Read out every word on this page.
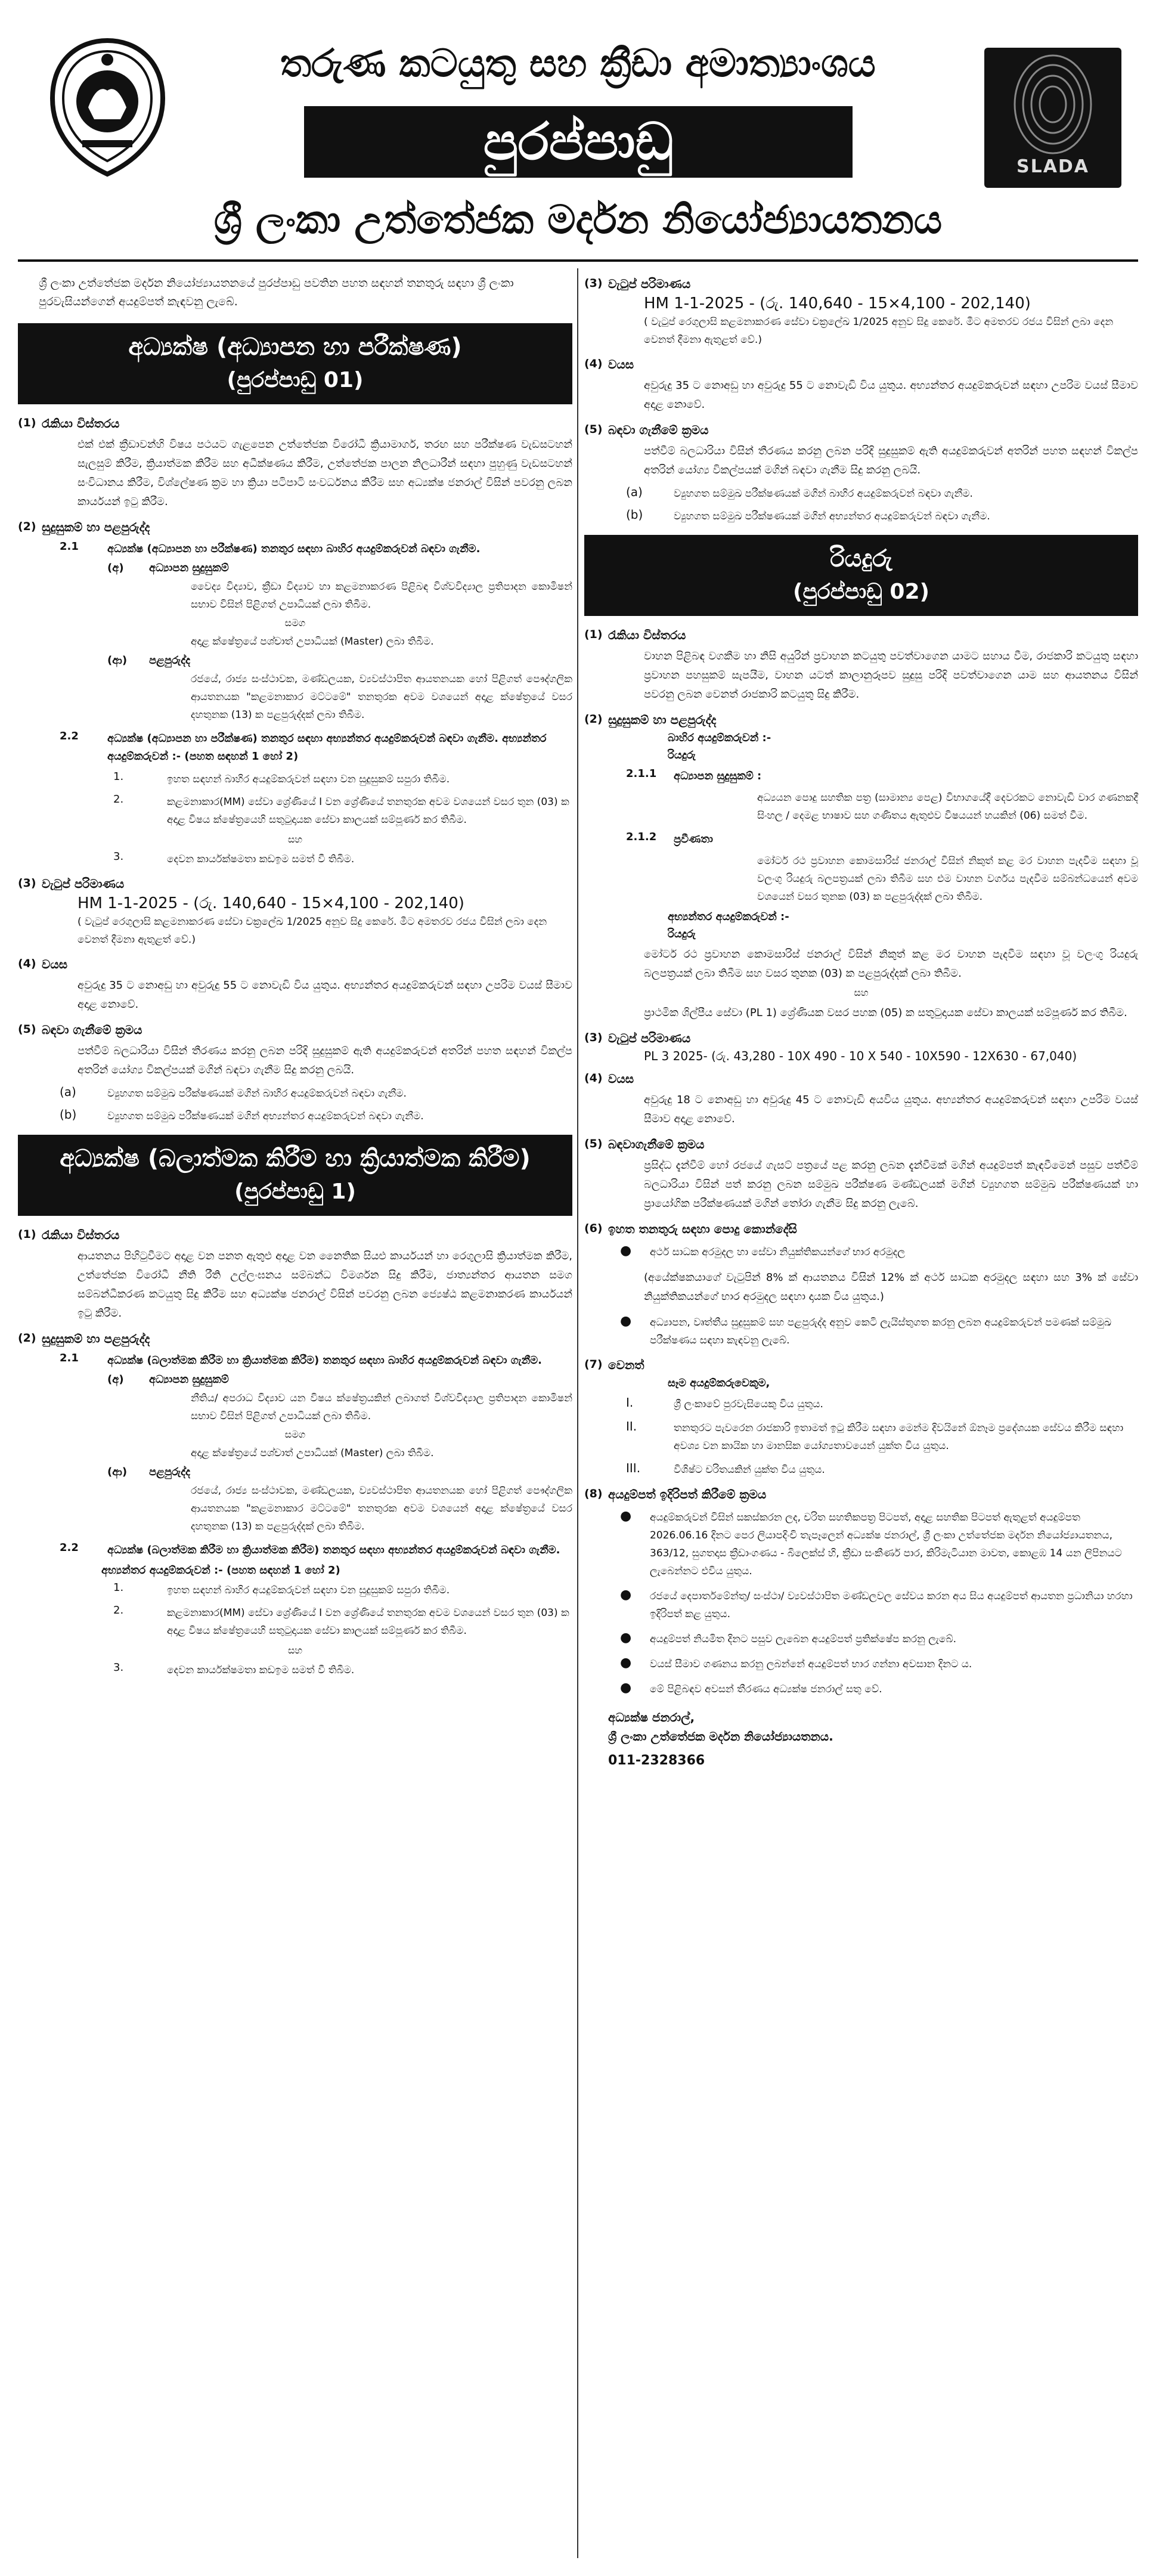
තරුණ කටයුතු සහ ක්‍රීඩා අමාත්‍යාංශය
පුරප්පාඩු
ශ්‍රී ලංකා උත්තේජක මර්දන නියෝජ්‍යායතනය
SLADA
ශ්‍රී ලංකා උත්තේජක මර්දන නියෝජ්‍යායතනයේ පුරප්පාඩු පවතින පහත සඳහන් තනතුරු සඳහා ශ්‍රී ලංකා පුරවැසියන්ගෙන් අයදුම්පත් කැඳවනු ලැබේ.
අධ්‍යක්ෂ (අධ්‍යාපන හා පරීක්ෂණ)
(පුරප්පාඩු 01)
(1) රැකියා විස්තරය
එක් එක් ක්‍රීඩාවන්හි විෂය පථයට ගැළපෙන උත්තේජක විරෝධී ක්‍රියාමාර්ග, තරඟ සහ පරීක්ෂණ වැඩසටහන් සැලසුම් කිරීම, ක්‍රියාත්මක කිරීම සහ අධීක්ෂණය කිරීම, උත්තේජක පාලන නිලධාරීන් සඳහා පුහුණු වැඩසටහන් සංවිධානය කිරීම, විශ්ලේෂණ ක්‍රම හා ක්‍රියා පටිපාටි සංවර්ධනය කිරීම සහ අධ්‍යක්ෂ ජනරාල් විසින් පවරනු ලබන කාර්යයන් ඉටු කිරීම.
(2) සුදුසුකම් හා පළපුරුද්ද
2.1	අධ්‍යක්ෂ (අධ්‍යාපන හා පරීක්ෂණ) තනතුර සඳහා බාහිර අයදුම්කරුවන් බඳවා ගැනීම.
(අ)	අධ්‍යාපන සුදුසුකම්
වෛද්‍ය විද්‍යාව, ක්‍රීඩා විද්‍යාව හා කළමනාකරණ පිළිබඳ විශ්වවිද්‍යාල ප්‍රතිපාදන කොමිෂන් සභාව විසින් පිළිගත් උපාධියක් ලබා තිබීම.
සමග
අදාළ ක්ෂේත්‍රයේ පශ්චාත් උපාධියක් (Master) ලබා තිබීම.
(ආ)	පළපුරුද්ද
රජයේ, රාජ්‍ය සංස්ථාවක, මණ්ඩලයක, ව්‍යවස්ථාපිත ආයතනයක හෝ පිළිගත් පෞද්ගලික ආයතනයක "කළමනාකාර මට්ටමේ" තනතුරක අවම වශයෙන් අදාළ ක්ෂේත්‍රයේ වසර දහතුනක (13) ක පළපුරුද්දක් ලබා තිබීම.
2.2	අධ්‍යක්ෂ (අධ්‍යාපන හා පරීක්ෂණ) තනතුර සඳහා අභ්‍යන්තර අයදුම්කරුවන් බඳවා ගැනීම. අභ්‍යන්තර අයදුම්කරුවන් :- (පහත සඳහන් 1 හෝ 2)
1.	ඉහත සඳහන් බාහිර අයදුම්කරුවන් සඳහා වන සුදුසුකම් සපුරා තිබීම.
2.	කළමනාකාර(MM) සේවා ශ්‍රේණියේ I වන ශ්‍රේණියේ තනතුරක අවම වශයෙන් වසර තුන (03) ක අදාළ විෂය ක්ෂේත්‍රයෙහි සතුටුදායක සේවා කාලයක් සම්පූර්ණ කර තිබීම.
සහ
3.	දෙවන කාර්යක්ෂමතා කඩඉම සමත් වී තිබීම.
(3) වැටුප් පරිමාණය
HM 1-1-2025 - (රු. 140,640 - 15×4,100 - 202,140)
( වැටුප් රෙගුලාසි කළමනාකරණ සේවා චක්‍රලේඛ 1/2025 අනුව සිදු කෙරේ. මීට අමතරව රජය විසින් ලබා දෙන වෙනත් දීමනා ඇතුළත් වේ.)
(4) වයස
අවුරුදු 35 ට නොඅඩු හා අවුරුදු 55 ට නොවැඩි විය යුතුය. අභ්‍යන්තර අයදුම්කරුවන් සඳහා උපරිම වයස් සීමාව අදාළ නොවේ.
(5) බඳවා ගැනීමේ ක්‍රමය
පත්වීම් බලධාරියා විසින් තීරණය කරනු ලබන පරිදි සුදුසුකම් ඇති අයදුම්කරුවන් අතරින් පහත සඳහන් විකල්ප අතරින් යෝග්‍ය විකල්පයක් මගින් බඳවා ගැනීම සිදු කරනු ලබයි.
(a)	ව්‍යුහගත සම්මුඛ පරීක්ෂණයක් මගින් බාහිර අයදුම්කරුවන් බඳවා ගැනීම.
(b)	ව්‍යුහගත සම්මුඛ පරීක්ෂණයක් මගින් අභ්‍යන්තර අයදුම්කරුවන් බඳවා ගැනීම.
අධ්‍යක්ෂ (බලාත්මක කිරීම හා ක්‍රියාත්මක කිරීම)
(පුරප්පාඩු 1)
(1) රැකියා විස්තරය
ආයතනය පිහිටුවීමට අදාළ වන පනත ඇතුළු අදාළ වන නෛතික සියළු කාර්යයන් හා රෙගුලාසි ක්‍රියාත්මක කිරීම, උත්තේජක විරෝධී නීති රීති උල්ලංඝනය සම්බන්ධ විමර්ශන සිදු කිරීම, ජාත්‍යන්තර ආයතන සමග සම්බන්ධීකරණ කටයුතු සිදු කිරීම සහ අධ්‍යක්ෂ ජනරාල් විසින් පවරනු ලබන ජ්‍යෙෂ්ඨ කළමනාකරණ කාර්යයන් ඉටු කිරීම.
(2) සුදුසුකම් හා පළපුරුද්ද
2.1	අධ්‍යක්ෂ (බලාත්මක කිරීම හා ක්‍රියාත්මක කිරීම) තනතුර සඳහා බාහිර අයදුම්කරුවන් බඳවා ගැනීම.
(අ)	අධ්‍යාපන සුදුසුකම්
නීතිය/ අපරාධ විද්‍යාව යන විෂය ක්ෂේත්‍රයකින් ලබාගත් විශ්වවිද්‍යාල ප්‍රතිපාදන කොමිෂන් සභාව විසින් පිළිගත් උපාධියක් ලබා තිබීම.
සමග
අදාළ ක්ෂේත්‍රයේ පශ්චාත් උපාධියක් (Master) ලබා තිබීම.
(ආ)	පළපුරුද්ද
රජයේ, රාජ්‍ය සංස්ථාවක, මණ්ඩලයක, ව්‍යවස්ථාපිත ආයතනයක හෝ පිළිගත් පෞද්ගලික ආයතනයක "කළමනාකාර මට්ටමේ" තනතුරක අවම වශයෙන් අදාළ ක්ෂේත්‍රයේ වසර දහතුනක (13) ක පළපුරුද්දක් ලබා තිබීම.
2.2	අධ්‍යක්ෂ (බලාත්මක කිරීම හා ක්‍රියාත්මක කිරීම) තනතුර සඳහා අභ්‍යන්තර අයදුම්කරුවන් බඳවා ගැනීම.
අභ්‍යන්තර අයදුම්කරුවන් :- (පහත සඳහන් 1 හෝ 2)
1.	ඉහත සඳහන් බාහිර අයදුම්කරුවන් සඳහා වන සුදුසුකම් සපුරා තිබීම.
2.	කළමනාකාර(MM) සේවා ශ්‍රේණියේ I වන ශ්‍රේණියේ තනතුරක අවම වශයෙන් වසර තුන (03) ක අදාළ විෂය ක්ෂේත්‍රයෙහි සතුටුදායක සේවා කාලයක් සම්පූර්ණ කර තිබීම.
සහ
3.	දෙවන කාර්යක්ෂමතා කඩඉම සමත් වී තිබීම.
(3) වැටුප් පරිමාණය
HM 1-1-2025 - (රු. 140,640 - 15×4,100 - 202,140)
( වැටුප් රෙගුලාසි කළමනාකරණ සේවා චක්‍රලේඛ 1/2025 අනුව සිදු කෙරේ. මීට අමතරව රජය විසින් ලබා දෙන වෙනත් දීමනා ඇතුළත් වේ.)
(4) වයස
අවුරුදු 35 ට නොඅඩු හා අවුරුදු 55 ට නොවැඩි විය යුතුය. අභ්‍යන්තර අයදුම්කරුවන් සඳහා උපරිම වයස් සීමාව අදාළ නොවේ.
(5) බඳවා ගැනීමේ ක්‍රමය
පත්වීම් බලධාරියා විසින් තීරණය කරනු ලබන පරිදි සුදුසුකම් ඇති අයදුම්කරුවන් අතරින් පහත සඳහන් විකල්ප අතරින් යෝග්‍ය විකල්පයක් මගින් බඳවා ගැනීම සිදු කරනු ලබයි.
(a)	ව්‍යුහගත සම්මුඛ පරීක්ෂණයක් මගින් බාහිර අයදුම්කරුවන් බඳවා ගැනීම.
(b)	ව්‍යුහගත සම්මුඛ පරීක්ෂණයක් මගින් අභ්‍යන්තර අයදුම්කරුවන් බඳවා ගැනීම.
රියදුරු
(පුරප්පාඩු 02)
(1) රැකියා විස්තරය
වාහන පිළිබඳ වගකීම හා නිසි අයුරින් ප්‍රවාහන කටයුතු පවත්වාගෙන යාමට සහාය වීම, රාජකාරි කටයුතු සඳහා ප්‍රවාහන පහසුකම් සැපයීම, වාහන යටත් කාලානුරූපව සුදුසු පරිදි පවත්වාගෙන යාම සහ ආයතනය විසින් පවරනු ලබන වෙනත් රාජකාරි කටයුතු සිදු කිරීම.
(2) සුදුසුකම් හා පළපුරුද්ද
බාහිර අයදුම්කරුවන් :-
රියදුරු
2.1.1	අධ්‍යාපන සුදුසුකම් :
අධ්‍යයන පොදු සහතික පත්‍ර (සාමාන්‍ය පෙළ) විභාගයේදී දෙවරකට නොවැඩි වාර ගණනකදී සිංහල / දෙමළ භාෂාව සහ ගණිතය ඇතුළුව විෂයයන් හයකින් (06) සමත් වීම.
2.1.2	ප්‍රවීණතා
මෝටර් රථ ප්‍රවාහන කොමසාරිස් ජනරාල් විසින් නිකුත් කළ මර වාහන පැදවීම සඳහා වූ වලංගු රියදුරු බලපත්‍රයක් ලබා තිබීම සහ එම වාහන වර්ගය පැදවීම සම්බන්ධයෙන් අවම වශයෙන් වසර තුනක (03) ක පළපුරුද්දක් ලබා තිබීම.
අභ්‍යන්තර අයදුම්කරුවන් :-
රියදුරු
මෝටර් රථ ප්‍රවාහන කොමසාරිස් ජනරාල් විසින් නිකුත් කළ මර වාහන පැදවීම සඳහා වූ වලංගු රියදුරු බලපත්‍රයක් ලබා තිබීම සහ වසර තුනක (03) ක පළපුරුද්දක් ලබා තිබීම.
සහ
ප්‍රාථමික ශිල්පීය සේවා (PL 1) ශ්‍රේණියක වසර පහක (05) ක සතුටුදායක සේවා කාලයක් සම්පූර්ණ කර තිබීම.
(3) වැටුප් පරිමාණය
PL 3 2025- (රු. 43,280 - 10X 490 - 10 X 540 - 10X590 - 12X630 - 67,040)
(4) වයස
අවුරුදු 18 ට නොඅඩු හා අවුරුදු 45 ට නොවැඩි අයවිය යුතුය. අභ්‍යන්තර අයදුම්කරුවන් සඳහා උපරිම වයස් සීමාව අදාළ නොවේ.
(5) බඳවාගැනීමේ ක්‍රමය
ප්‍රසිද්ධ දැන්වීම් හෝ රජයේ ගැසට් පත්‍රයේ පළ කරනු ලබන දැන්වීමක් මගින් අයදුම්පත් කැඳවීමෙන් පසුව පත්වීම් බලධාරියා විසින් පත් කරනු ලබන සම්මුඛ පරීක්ෂණ මණ්ඩලයක් මගින් ව්‍යුහගත සම්මුඛ පරීක්ෂණයක් හා ප්‍රායෝගික පරීක්ෂණයක් මගින් තෝරා ගැනීම සිදු කරනු ලැබේ.
(6) ඉහත තනතුරු සඳහා පොදු කොන්දේසි
●	අර්ථ සාධක අරමුදල හා සේවා නියුක්තිකයන්ගේ භාර අරමුදල
(අයේක්ෂකයාගේ වැටුපින් 8% ක් ආයතනය විසින් 12% ක් අර්ථ සාධක අරමුදල සඳහා සහ 3% ක් සේවා නියුක්තිකයන්ගේ භාර අරමුදල සඳහා දායක විය යුතුය.)
●	අධ්‍යාපන, වෘත්තීය සුදුසුකම් සහ පළපුරුද්ද අනුව කෙටි ලැයිස්තුගත කරනු ලබන අයදුම්කරුවන් පමණක් සම්මුඛ පරීක්ෂණය සඳහා කැඳවනු ලැබේ.
(7) වෙනත්
සෑම අයදුම්කරුවෙකුම,
I.	ශ්‍රී ලංකාවේ පුරවැසියෙකු විය යුතුය.
II.	තනතුරට පැවරෙන රාජකාරි ඉතාමත් ඉටු කිරීම සඳහා මෙන්ම දිවයිනේ ඕනෑම ප්‍රදේශයක සේවය කිරීම සඳහා අවශ්‍ය වන කායික හා මානසික යෝග්‍යතාවයෙන් යුක්ත විය යුතුය.
III.	විශිෂ්ට චරිතයකින් යුක්ත විය යුතුය.
(8) අයදුම්පත් ඉදිරිපත් කිරීමේ ක්‍රමය
●	අයදුම්කරුවන් විසින් සකස්කරන ලද, චරිත සහතිකපත්‍ර පිටපත්, අදාළ සහතික පිටපත් ඇතුළත් අයදුම්පත 2026.06.16 දිනට පෙර ලියාපදිංචි තැපෑලෙන් අධ්‍යක්ෂ ජනරාල්, ශ්‍රී ලංකා උත්තේජක මර්දන නියෝජ්‍යායතනය, 363/12, සුගතදාස ක්‍රීඩාංගණය - බිලෙක්ස් හි, ක්‍රීඩා සංකීර්ණ පාර, කිරිමැටියාන මාවත, කොළඹ 14 යන ලිපිනයට ලැබෙන්නට එවිය යුතුය.
●	රජයේ දෙපාර්තමේන්තු/ සංස්ථා/ ව්‍යවස්ථාපිත මණ්ඩලවල සේවය කරන අය සිය අයදුම්පත් ආයතන ප්‍රධානියා හරහා ඉදිරිපත් කළ යුතුය.
●	අයදුම්පත් නියමිත දිනට පසුව ලැබෙන අයදුම්පත් ප්‍රතික්ෂේප කරනු ලැබේ.
●	වයස් සීමාව ගණනය කරනු ලබන්නේ අයදුම්පත් භාර ගන්නා අවසාන දිනට ය.
●	මේ පිළිබඳව අවසන් තීරණය අධ්‍යක්ෂ ජනරාල් සතු වේ.
අධ්‍යක්ෂ ජනරාල්,
ශ්‍රී ලංකා උත්තේජක මර්දන නියෝජ්‍යායතනය.
011-2328366
